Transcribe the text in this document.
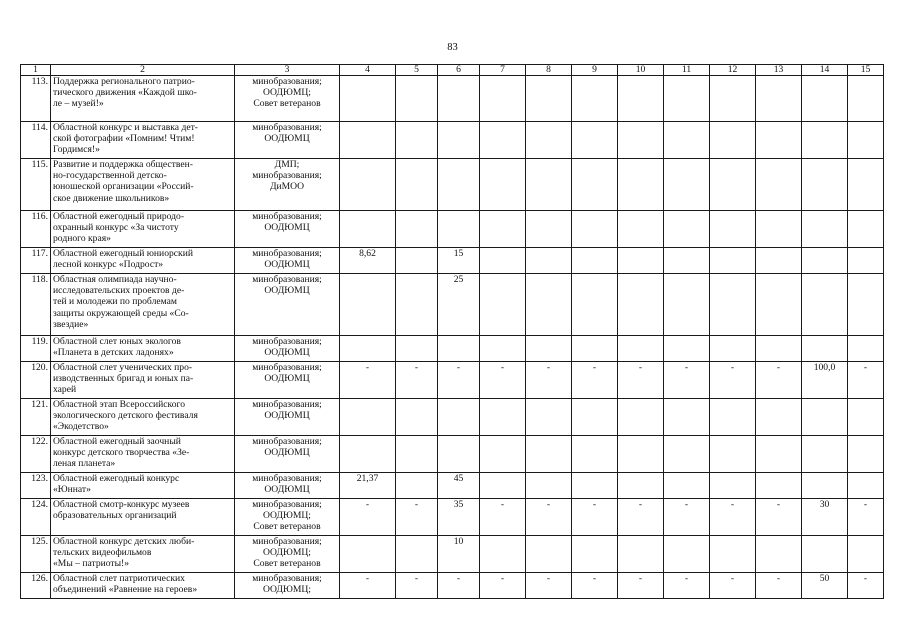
83
1	2	3	4	5	6	7	8	9	10	11	12	13	14	15
113.	Поддержка регионального патрио-
тического движения «Каждой шко-
ле – музей!»	минобразования;
ООДЮМЦ;
Совет ветеранов												
114.	Областной конкурс и выставка дет-
ской фотографии «Помним! Чтим!
Гордимся!»	минобразования;
ООДЮМЦ												
115.	Развитие и поддержка обществен-
но-государственной детско-
юношеской организации «Россий-
ское движение школьников»	ДМП;
минобразования;
ДиМОО												
116.	Областной ежегодный природо-
охранный конкурс «За чистоту
родного края»	минобразования;
ООДЮМЦ												
117.	Областной ежегодный юниорский
лесной конкурс «Подрост»	минобразования;
ООДЮМЦ	8,62		15									
118.	Областная олимпиада научно-
исследовательских проектов де-
тей и молодежи по проблемам
защиты окружающей среды «Со-
звездие»	минобразования;
ООДЮМЦ			25									
119.	Областной слет юных экологов
«Планета в детских ладонях»	минобразования;
ООДЮМЦ												
120.	Областной слет ученических про-
изводственных бригад и юных па-
харей	минобразования;
ООДЮМЦ	-	-	-	-	-	-	-	-	-	-	100,0	-
121.	Областной этап Всероссийского
экологического детского фестиваля
«Экодетство»	минобразования;
ООДЮМЦ												
122.	Областной ежегодный заочный
конкурс детского творчества «Зе-
леная планета»	минобразования;
ООДЮМЦ												
123.	Областной ежегодный конкурс
«Юннат»	минобразования;
ООДЮМЦ	21,37		45									
124.	Областной смотр-конкурс музеев
образовательных организаций	минобразования;
ООДЮМЦ;
Совет ветеранов	-	-	35	-	-	-	-	-	-	-	30	-
125.	Областной конкурс детских люби-
тельских видеофильмов
«Мы – патриоты!»	минобразования;
ООДЮМЦ;
Совет ветеранов			10									
126.	Областной слет патриотических
объединений «Равнение на героев»	минобразования;
ООДЮМЦ;	-	-	-	-	-	-	-	-	-	-	50	-
